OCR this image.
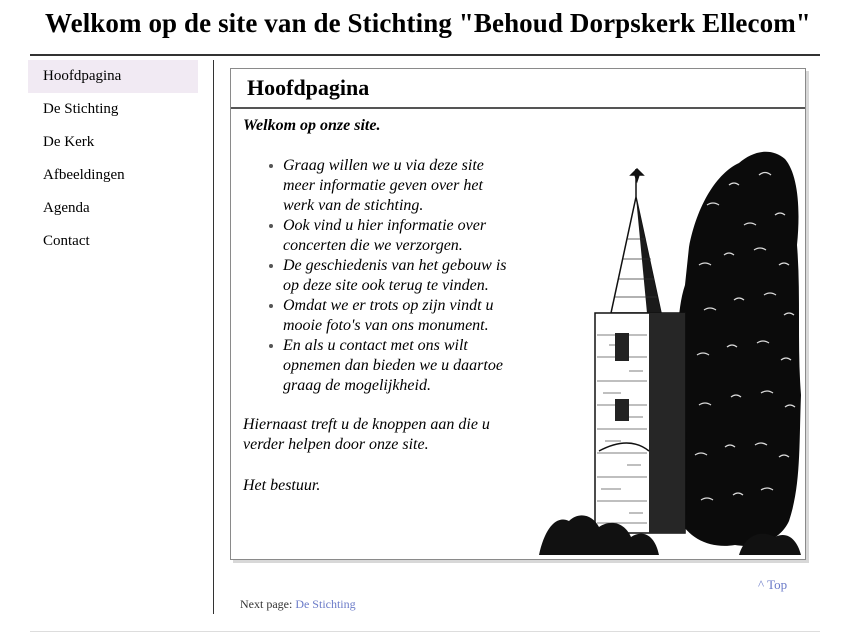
Welkom op de site van de Stichting "Behoud Dorpskerk Ellecom"
Hoofdpagina
De Stichting
De Kerk
Afbeeldingen
Agenda
Contact
Hoofdpagina

Welkom op onze site.

Graag willen we u via deze site
meer informatie geven over het
werk van de stichting.
Ook vind u hier informatie over
concerten die we verzorgen.
De geschiedenis van het gebouw is
op deze site ook terug te vinden.
Omdat we er trots op zijn vindt u
mooie foto's van ons monument.
En als u contact met ons wilt
opnemen dan bieden we u daartoe
graag de mogelijkheid.

Hiernaast treft u de knoppen aan die u
verder helpen door onze site.

Het bestuur.

^ Top
Next page: De Stichting
